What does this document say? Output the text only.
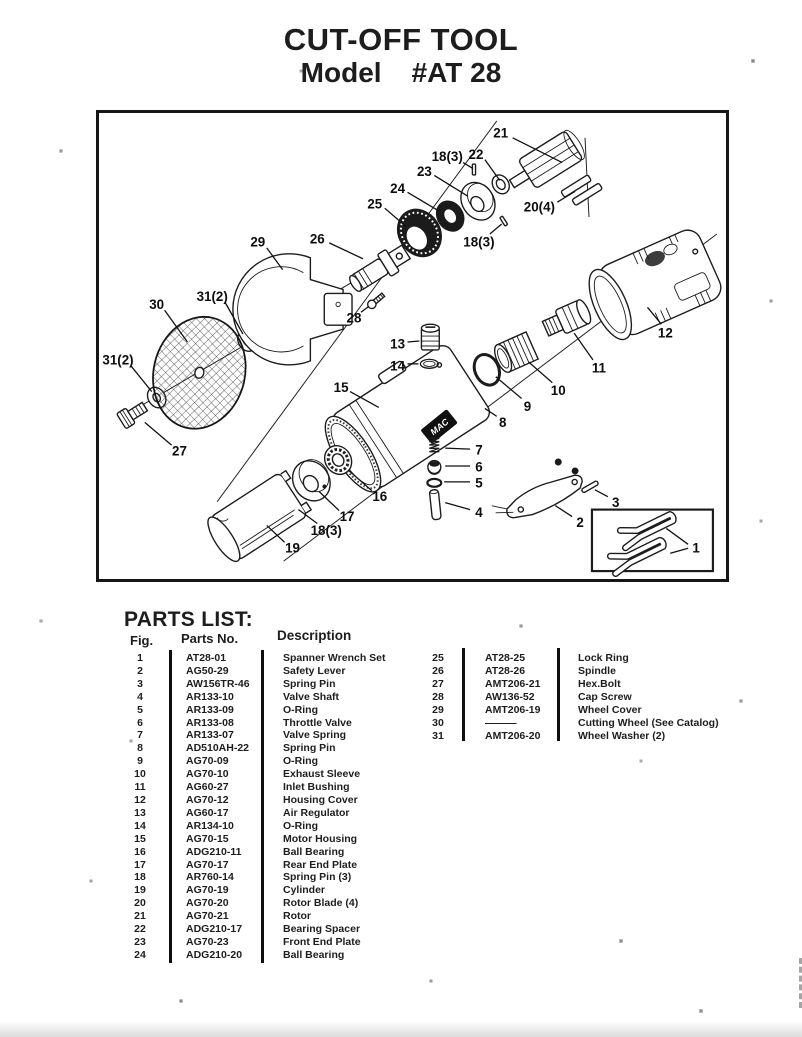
CUT-OFF TOOL
Model #AT 28
MAC
21
22
18(3)
23
24
25	20(4)
18(3)
12
11
10
9
8
29	26
28
31(2)
30
31(2)
27
13
14
15
16
17
18(3)
19
7
6
5
4
2
3
1
PARTS LIST:
Fig. Parts No.	Description
1	AT28-01	Spanner Wrench Set
2	AG50-29	Safety Lever
3	AW156TR-46	Spring Pin
4	AR133-10	Valve Shaft
5	AR133-09	O-Ring
6	AR133-08	Throttle Valve
7	AR133-07	Valve Spring
8	AD510AH-22	Spring Pin
9	AG70-09	O-Ring
10	AG70-10	Exhaust Sleeve
11	AG60-27	Inlet Bushing
12	AG70-12	Housing Cover
13	AG60-17	Air Regulator
14	AR134-10	O-Ring
15	AG70-15	Motor Housing
16	ADG210-11	Ball Bearing
17	AG70-17	Rear End Plate
18	AR760-14	Spring Pin (3)
19	AG70-19	Cylinder
20	AG70-20	Rotor Blade (4)
21	AG70-21	Rotor
22	ADG210-17	Bearing Spacer
23	AG70-23	Front End Plate
24	ADG210-20	Ball Bearing
25	AT28-25	Lock Ring
26	AT28-26	Spindle
27	AMT206-21	Hex.Bolt
28	AW136-52	Cap Screw
29	AMT206-19	Wheel Cover
30	———	Cutting Wheel (See Catalog)
31	AMT206-20	Wheel Washer (2)
